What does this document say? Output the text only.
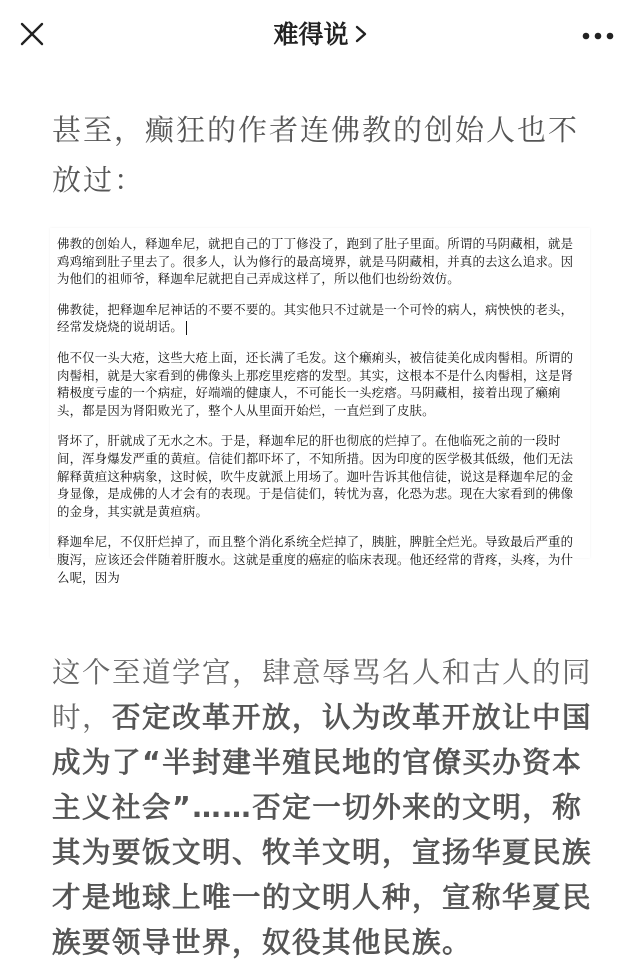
难得说

甚至，癫狂的作者连佛教的创始人也不放过：

佛教的创始人，释迦牟尼，就把自己的丁丁修没了，跑到了肚子里面。所谓的马阴藏相，就是鸡鸡缩到肚子里去了。很多人，认为修行的最高境界，就是马阴藏相，并真的去这么追求。因为他们的祖师爷，释迦牟尼就把自己弄成这样了，所以他们也纷纷效仿。

佛教徒，把释迦牟尼神话的不要不要的。其实他只不过就是一个可怜的病人，病怏怏的老头，经常发烧烧的说胡话。

他不仅一头大疮，这些大疮上面，还长满了毛发。这个癞痢头，被信徒美化成肉髻相。所谓的肉髻相，就是大家看到的佛像头上那疙里疙瘩的发型。其实，这根本不是什么肉髻相，这是肾精极度亏虚的一个病症，好端端的健康人，不可能长一头疙瘩。马阴藏相，接着出现了癞痢头，都是因为肾阳败光了，整个人从里面开始烂，一直烂到了皮肤。

肾坏了，肝就成了无水之木。于是，释迦牟尼的肝也彻底的烂掉了。在他临死之前的一段时间，浑身爆发严重的黄疸。信徒们都吓坏了，不知所措。因为印度的医学极其低级，他们无法解释黄疸这种病象，这时候，吹牛皮就派上用场了。迦叶告诉其他信徒，说这是释迦牟尼的金身显像，是成佛的人才会有的表现。于是信徒们，转忧为喜，化恐为悲。现在大家看到的佛像的金身，其实就是黄疸病。

释迦牟尼，不仅肝烂掉了，而且整个消化系统全烂掉了，胰脏，脾脏全烂光。导致最后严重的腹泻，应该还会伴随着肝腹水。这就是重度的癌症的临床表现。他还经常的背疼，头疼，为什么呢，因为

这个至道学宫，肆意辱骂名人和古人的同时，否定改革开放，认为改革开放让中国成为了“半封建半殖民地的官僚买办资本主义社会”……否定一切外来的文明，称其为要饭文明、牧羊文明，宣扬华夏民族才是地球上唯一的文明人种，宣称华夏民族要领导世界，奴役其他民族。
